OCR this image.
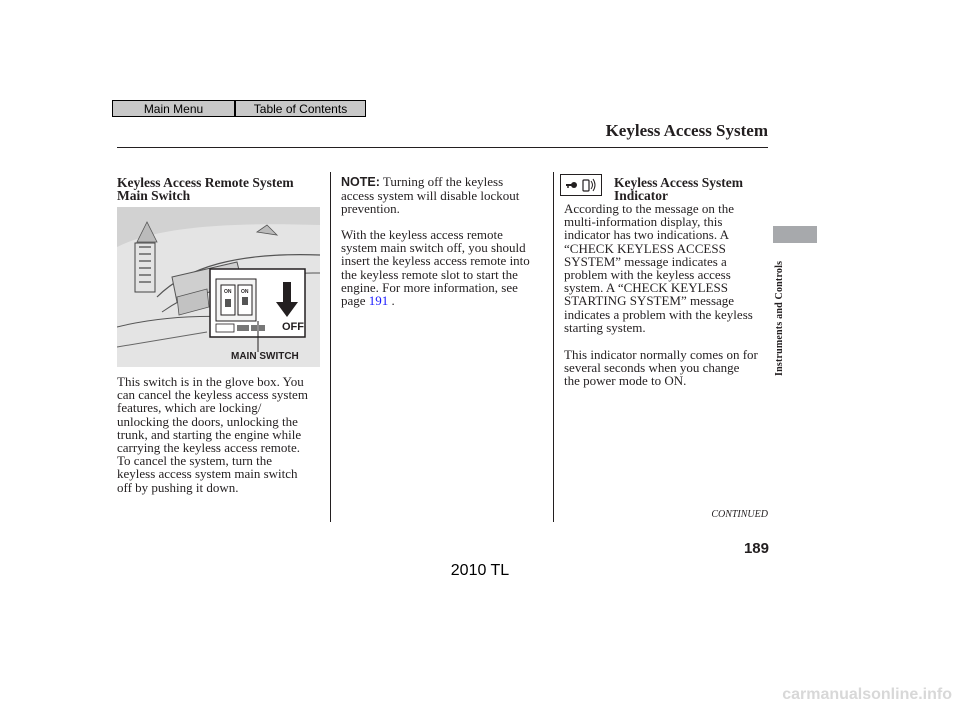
Main Menu	Table of Contents
Keyless Access System
Keyless Access Remote System
Main Switch
ON ON
OFF
MAIN SWITCH

This switch is in the glove box. You
can cancel the keyless access system
features, which are locking/
unlocking the doors, unlocking the
trunk, and starting the engine while
carrying the keyless access remote.
To cancel the system, turn the
keyless access system main switch
off by pushing it down.

NOTE: Turning off the keyless
access system will disable lockout
prevention.

With the keyless access remote
system main switch off, you should
insert the keyless access remote into
the keyless remote slot to start the
engine. For more information, see
page 191 .

Keyless Access System
Indicator

According to the message on the
multi-information display, this
indicator has two indications. A
“CHECK KEYLESS ACCESS
SYSTEM” message indicates a
problem with the keyless access
system. A “CHECK KEYLESS
STARTING SYSTEM” message
indicates a problem with the keyless
starting system.

This indicator normally comes on for
several seconds when you change
the power mode to ON.

Instruments and Controls
CONTINUED
189
2010 TL
carmanualsonline.info
